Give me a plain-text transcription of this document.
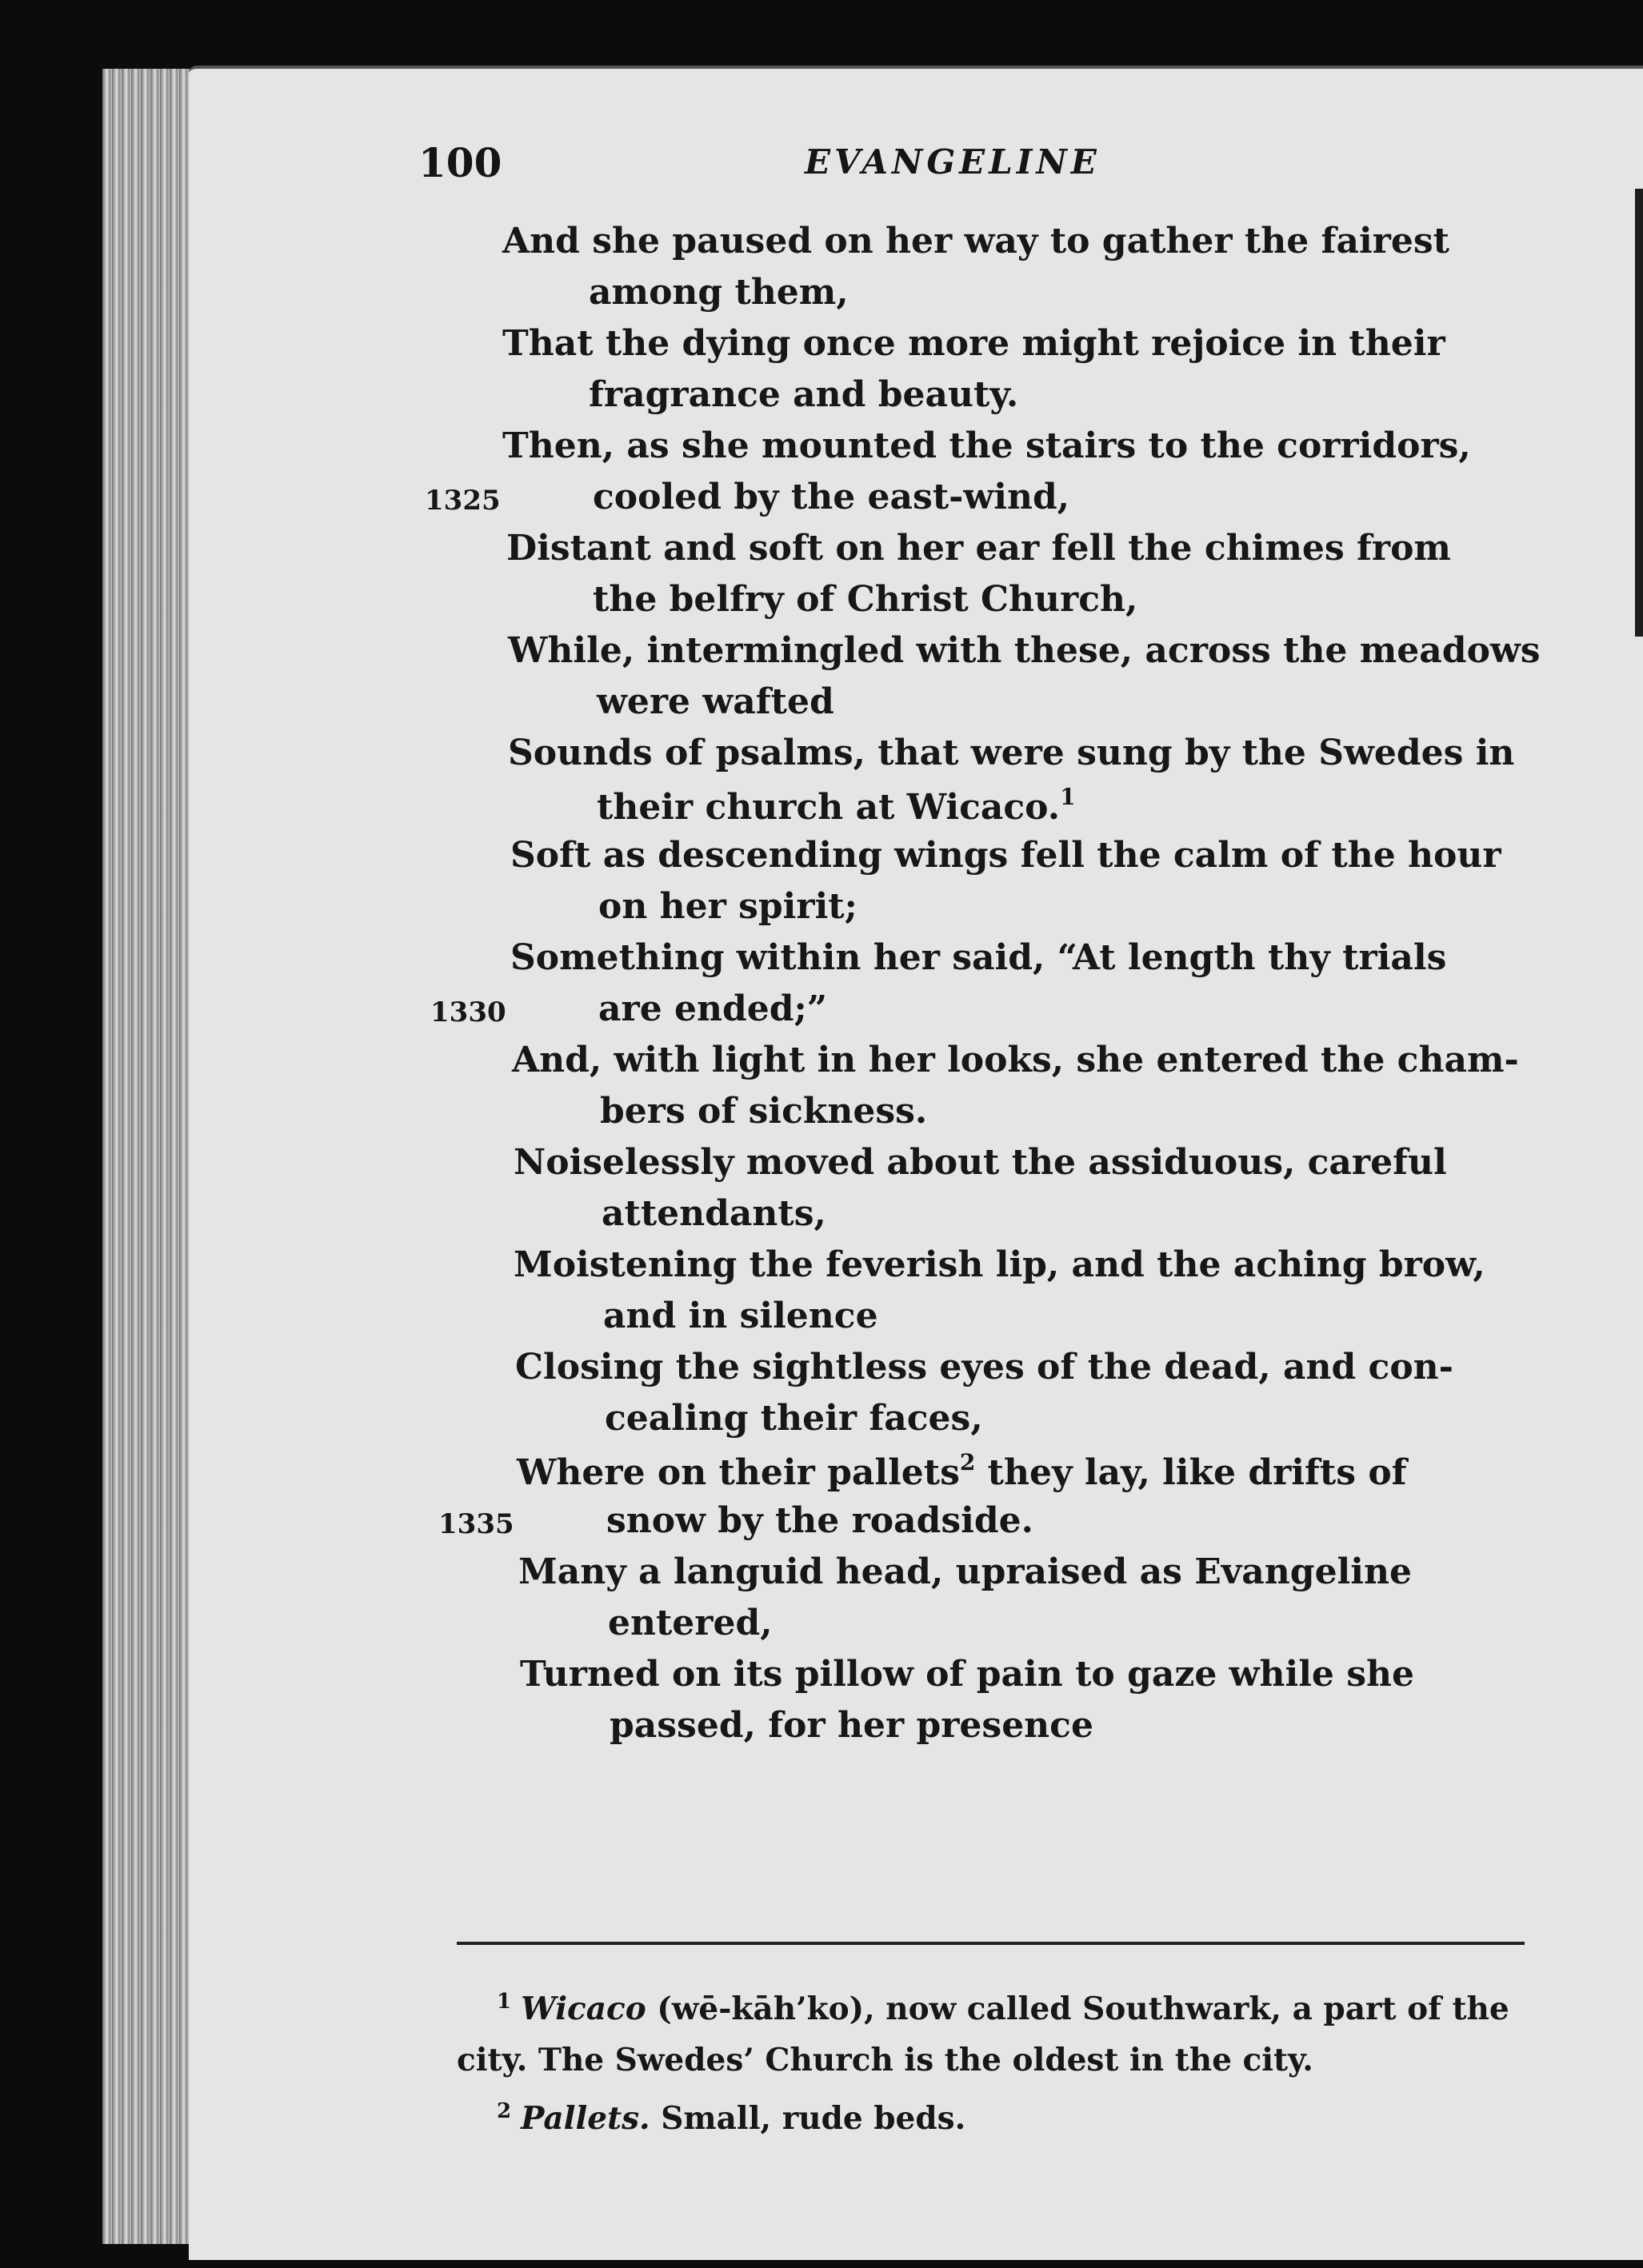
100	EVANGELINE
And she paused on her way to gather the fairest
among them,
That the dying once more might rejoice in their
fragrance and beauty.
Then, as she mounted the stairs to the corridors,
cooled by the east-wind,
1325
Distant and soft on her ear fell the chimes from
the belfry of Christ Church,
While, intermingled with these, across the meadows
were wafted
Sounds of psalms, that were sung by the Swedes in
their church at Wicaco.$^1$
Soft as descending wings fell the calm of the hour
on her spirit;
Something within her said, “At length thy trials
are ended;”
1330
And, with light in her looks, she entered the cham-
bers of sickness.
Noiselessly moved about the assiduous, careful
attendants,
Moistening the feverish lip, and the aching brow,
and in silence
Closing the sightless eyes of the dead, and con-
cealing their faces,
Where on their pallets$^2$ they lay, like drifts of
snow by the roadside.
1335
Many a languid head, upraised as Evangeline
entered,
Turned on its pillow of pain to gaze while she
passed, for her presence

$^1$ Wicaco (wē-kāh’ko), now called Southwark, a part of the

city. The Swedes’ Church is the oldest in the city.

$^2$ Pallets. Small, rude beds.
